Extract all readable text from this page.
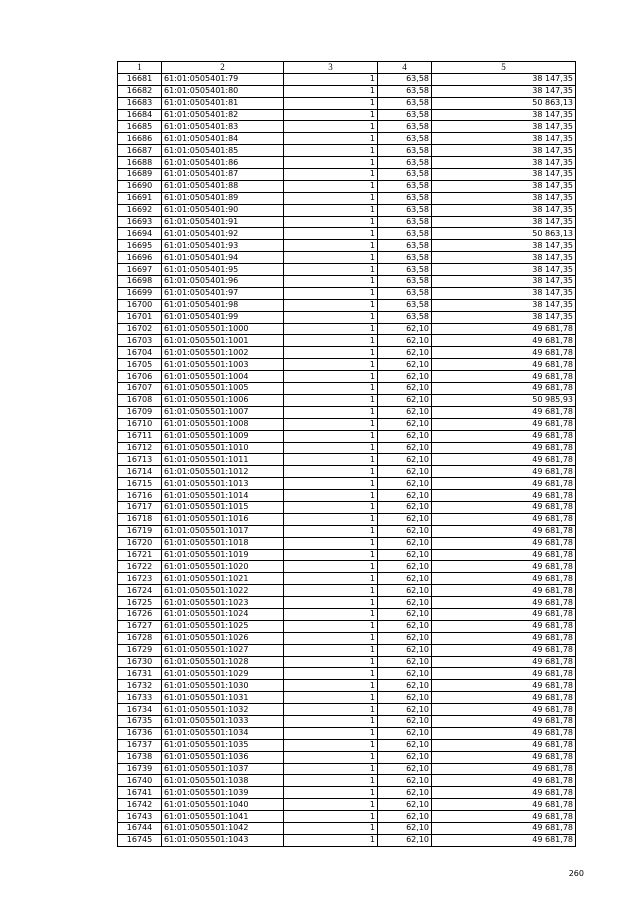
1	2	3	4	5
16681	61:01:0505401:79	1	63,58	38 147,35
16682	61:01:0505401:80	1	63,58	38 147,35
16683	61:01:0505401:81	1	63,58	50 863,13
16684	61:01:0505401:82	1	63,58	38 147,35
16685	61:01:0505401:83	1	63,58	38 147,35
16686	61:01:0505401:84	1	63,58	38 147,35
16687	61:01:0505401:85	1	63,58	38 147,35
16688	61:01:0505401:86	1	63,58	38 147,35
16689	61:01:0505401:87	1	63,58	38 147,35
16690	61:01:0505401:88	1	63,58	38 147,35
16691	61:01:0505401:89	1	63,58	38 147,35
16692	61:01:0505401:90	1	63,58	38 147,35
16693	61:01:0505401:91	1	63,58	38 147,35
16694	61:01:0505401:92	1	63,58	50 863,13
16695	61:01:0505401:93	1	63,58	38 147,35
16696	61:01:0505401:94	1	63,58	38 147,35
16697	61:01:0505401:95	1	63,58	38 147,35
16698	61:01:0505401:96	1	63,58	38 147,35
16699	61:01:0505401:97	1	63,58	38 147,35
16700	61:01:0505401:98	1	63,58	38 147,35
16701	61:01:0505401:99	1	63,58	38 147,35
16702	61:01:0505501:1000	1	62,10	49 681,78
16703	61:01:0505501:1001	1	62,10	49 681,78
16704	61:01:0505501:1002	1	62,10	49 681,78
16705	61:01:0505501:1003	1	62,10	49 681,78
16706	61:01:0505501:1004	1	62,10	49 681,78
16707	61:01:0505501:1005	1	62,10	49 681,78
16708	61:01:0505501:1006	1	62,10	50 985,93
16709	61:01:0505501:1007	1	62,10	49 681,78
16710	61:01:0505501:1008	1	62,10	49 681,78
16711	61:01:0505501:1009	1	62,10	49 681,78
16712	61:01:0505501:1010	1	62,10	49 681,78
16713	61:01:0505501:1011	1	62,10	49 681,78
16714	61:01:0505501:1012	1	62,10	49 681,78
16715	61:01:0505501:1013	1	62,10	49 681,78
16716	61:01:0505501:1014	1	62,10	49 681,78
16717	61:01:0505501:1015	1	62,10	49 681,78
16718	61:01:0505501:1016	1	62,10	49 681,78
16719	61:01:0505501:1017	1	62,10	49 681,78
16720	61:01:0505501:1018	1	62,10	49 681,78
16721	61:01:0505501:1019	1	62,10	49 681,78
16722	61:01:0505501:1020	1	62,10	49 681,78
16723	61:01:0505501:1021	1	62,10	49 681,78
16724	61:01:0505501:1022	1	62,10	49 681,78
16725	61:01:0505501:1023	1	62,10	49 681,78
16726	61:01:0505501:1024	1	62,10	49 681,78
16727	61:01:0505501:1025	1	62,10	49 681,78
16728	61:01:0505501:1026	1	62,10	49 681,78
16729	61:01:0505501:1027	1	62,10	49 681,78
16730	61:01:0505501:1028	1	62,10	49 681,78
16731	61:01:0505501:1029	1	62,10	49 681,78
16732	61:01:0505501:1030	1	62,10	49 681,78
16733	61:01:0505501:1031	1	62,10	49 681,78
16734	61:01:0505501:1032	1	62,10	49 681,78
16735	61:01:0505501:1033	1	62,10	49 681,78
16736	61:01:0505501:1034	1	62,10	49 681,78
16737	61:01:0505501:1035	1	62,10	49 681,78
16738	61:01:0505501:1036	1	62,10	49 681,78
16739	61:01:0505501:1037	1	62,10	49 681,78
16740	61:01:0505501:1038	1	62,10	49 681,78
16741	61:01:0505501:1039	1	62,10	49 681,78
16742	61:01:0505501:1040	1	62,10	49 681,78
16743	61:01:0505501:1041	1	62,10	49 681,78
16744	61:01:0505501:1042	1	62,10	49 681,78
16745	61:01:0505501:1043	1	62,10	49 681,78
260
